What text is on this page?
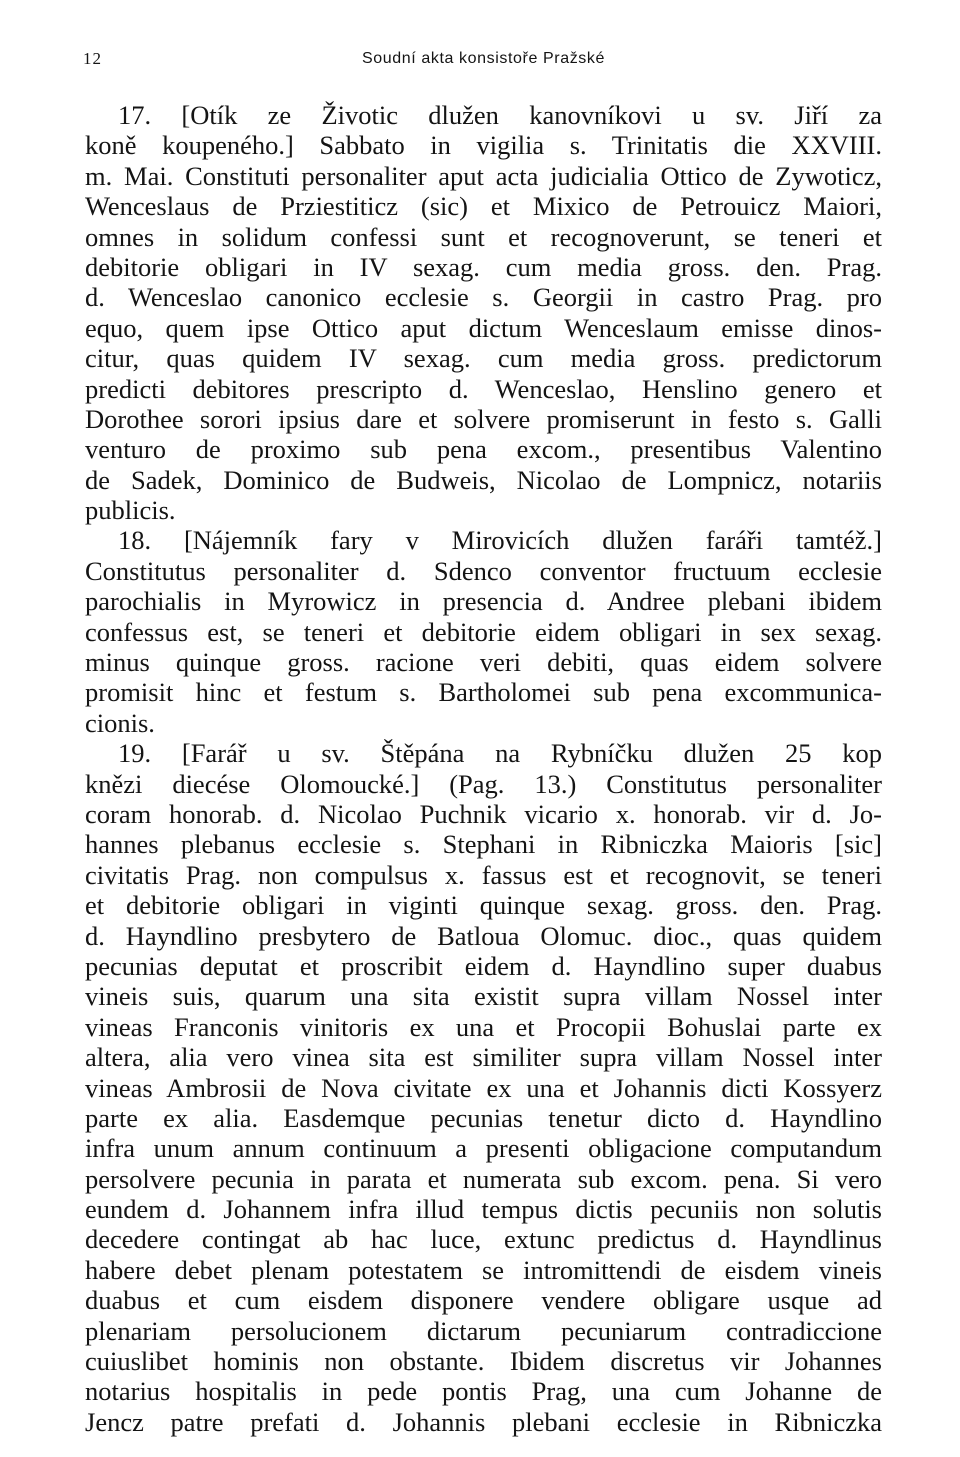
12	Soudní akta konsistoře Pražské
17. [Otík ze Životic dlužen kanovníkovi u sv. Jiří za
koně koupeného.] Sabbato in vigilia s. Trinitatis die XXVIII.
m. Mai. Constituti personaliter aput acta judicialia Ottico de Zywoticz,
Wenceslaus de Prziestiticz (sic) et Mixico de Petrouicz Maiori,
omnes in solidum confessi sunt et recognoverunt, se teneri et
debitorie obligari in IV sexag. cum media gross. den. Prag.
d. Wenceslao canonico ecclesie s. Georgii in castro Prag. pro
equo, quem ipse Ottico aput dictum Wenceslaum emisse dinos-
citur, quas quidem IV sexag. cum media gross. predictorum
predicti debitores prescripto d. Wenceslao, Henslino genero et
Dorothee sorori ipsius dare et solvere promiserunt in festo s. Galli
venturo de proximo sub pena excom., presentibus Valentino
de Sadek, Dominico de Budweis, Nicolao de Lompnicz, notariis
publicis.
18. [Nájemník fary v Mirovicích dlužen faráři tamtéž.]
Constitutus personaliter d. Sdenco conventor fructuum ecclesie
parochialis in Myrowicz in presencia d. Andree plebani ibidem
confessus est, se teneri et debitorie eidem obligari in sex sexag.
minus quinque gross. racione veri debiti, quas eidem solvere
promisit hinc et festum s. Bartholomei sub pena excommunica-
cionis.
19. [Farář u sv. Štěpána na Rybníčku dlužen 25 kop
knězi diecése Olomoucké.] (Pag. 13.) Constitutus personaliter
coram honorab. d. Nicolao Puchnik vicario x. honorab. vir d. Jo-
hannes plebanus ecclesie s. Stephani in Ribniczka Maioris [sic]
civitatis Prag. non compulsus x. fassus est et recognovit, se teneri
et debitorie obligari in viginti quinque sexag. gross. den. Prag.
d. Hayndlino presbytero de Batloua Olomuc. dioc., quas quidem
pecunias deputat et proscribit eidem d. Hayndlino super duabus
vineis suis, quarum una sita existit supra villam Nossel inter
vineas Franconis vinitoris ex una et Procopii Bohuslai parte ex
altera, alia vero vinea sita est similiter supra villam Nossel inter
vineas Ambrosii de Nova civitate ex una et Johannis dicti Kossyerz
parte ex alia. Easdemque pecunias tenetur dicto d. Hayndlino
infra unum annum continuum a presenti obligacione computandum
persolvere pecunia in parata et numerata sub excom. pena. Si vero
eundem d. Johannem infra illud tempus dictis pecuniis non solutis
decedere contingat ab hac luce, extunc predictus d. Hayndlinus
habere debet plenam potestatem se intromittendi de eisdem vineis
duabus et cum eisdem disponere vendere obligare usque ad
plenariam persolucionem dictarum pecuniarum contradiccione
cuiuslibet hominis non obstante. Ibidem discretus vir Johannes
notarius hospitalis in pede pontis Prag, una cum Johanne de
Jencz patre prefati d. Johannis plebani ecclesie in Ribniczka
